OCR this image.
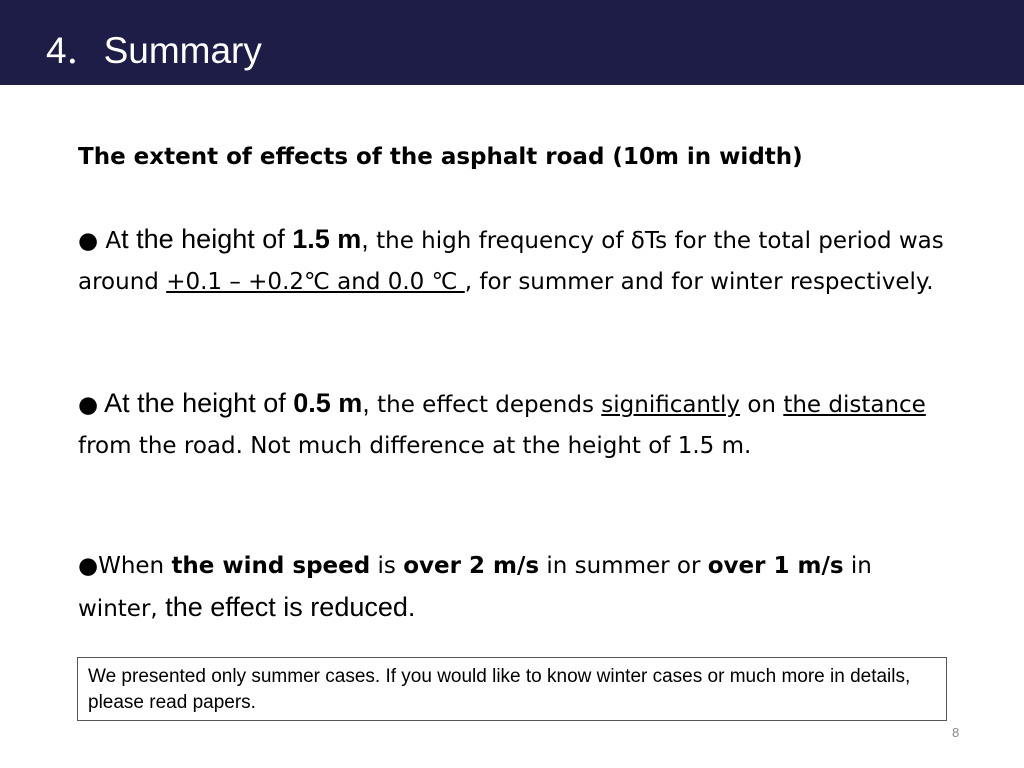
4．Summary

The extent of effects of the asphalt road (10m in width)

● At the height of 1.5 m, the high frequency of δTs for the total period was around +0.1 – +0.2℃ and 0.0 ℃ , for summer and for winter respectively.

● At the height of 0.5 m, the effect depends significantly on the distance from the road. Not much difference at the height of 1.5 m.

●When the wind speed is over 2 m/s in summer or over 1 m/s in winter, the effect is reduced.

We presented only summer cases. If you would like to know winter cases or much more in details, please read papers.

8
